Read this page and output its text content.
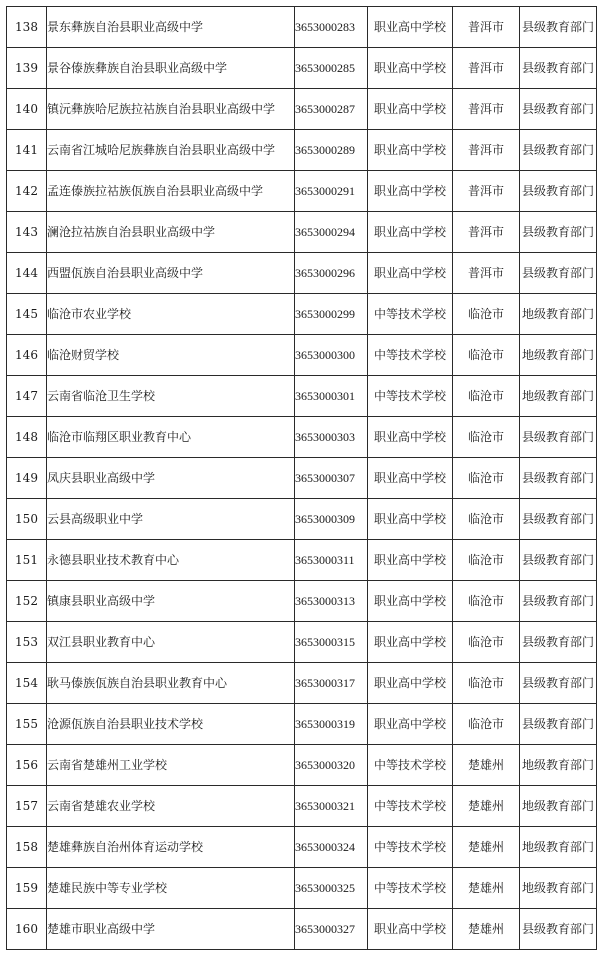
138	景东彝族自治县职业高级中学	3653000283	职业高中学校	普洱市	县级教育部门
139	景谷傣族彝族自治县职业高级中学	3653000285	职业高中学校	普洱市	县级教育部门
140	镇沅彝族哈尼族拉祜族自治县职业高级中学	3653000287	职业高中学校	普洱市	县级教育部门
141	云南省江城哈尼族彝族自治县职业高级中学	3653000289	职业高中学校	普洱市	县级教育部门
142	孟连傣族拉祜族佤族自治县职业高级中学	3653000291	职业高中学校	普洱市	县级教育部门
143	澜沧拉祜族自治县职业高级中学	3653000294	职业高中学校	普洱市	县级教育部门
144	西盟佤族自治县职业高级中学	3653000296	职业高中学校	普洱市	县级教育部门
145	临沧市农业学校	3653000299	中等技术学校	临沧市	地级教育部门
146	临沧财贸学校	3653000300	中等技术学校	临沧市	地级教育部门
147	云南省临沧卫生学校	3653000301	中等技术学校	临沧市	地级教育部门
148	临沧市临翔区职业教育中心	3653000303	职业高中学校	临沧市	县级教育部门
149	凤庆县职业高级中学	3653000307	职业高中学校	临沧市	县级教育部门
150	云县高级职业中学	3653000309	职业高中学校	临沧市	县级教育部门
151	永德县职业技术教育中心	3653000311	职业高中学校	临沧市	县级教育部门
152	镇康县职业高级中学	3653000313	职业高中学校	临沧市	县级教育部门
153	双江县职业教育中心	3653000315	职业高中学校	临沧市	县级教育部门
154	耿马傣族佤族自治县职业教育中心	3653000317	职业高中学校	临沧市	县级教育部门
155	沧源佤族自治县职业技术学校	3653000319	职业高中学校	临沧市	县级教育部门
156	云南省楚雄州工业学校	3653000320	中等技术学校	楚雄州	地级教育部门
157	云南省楚雄农业学校	3653000321	中等技术学校	楚雄州	地级教育部门
158	楚雄彝族自治州体育运动学校	3653000324	中等技术学校	楚雄州	地级教育部门
159	楚雄民族中等专业学校	3653000325	中等技术学校	楚雄州	地级教育部门
160	楚雄市职业高级中学	3653000327	职业高中学校	楚雄州	县级教育部门
